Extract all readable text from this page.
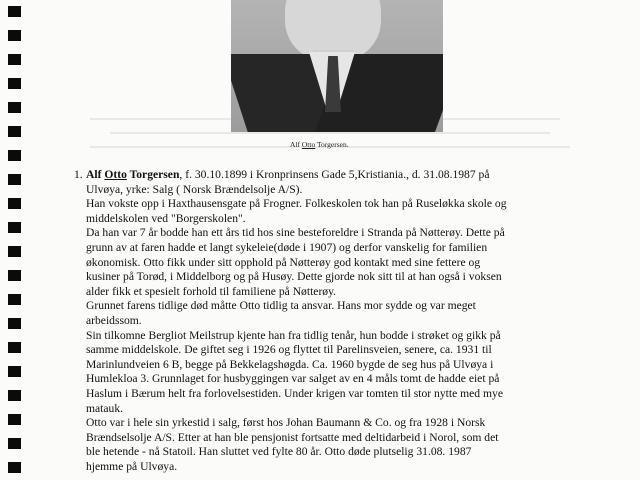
Alf Otto Torgersen.
1. Alf Otto Torgersen, f. 30.10.1899 i Kronprinsens Gade 5,Kristiania., d. 31.08.1987 på

Ulvøya, yrke: Salg ( Norsk Brændelsolje A/S).

Han vokste opp i Haxthausensgate på Frogner. Folkeskolen tok han på Ruseløkka skole og

middelskolen ved "Borgerskolen".

Da han var 7 år bodde han ett års tid hos sine besteforeldre i Stranda på Nøtterøy. Dette på

grunn av at faren hadde et langt sykeleie(døde i 1907) og derfor vanskelig for familien

økonomisk. Otto fikk under sitt opphold på Nøtterøy god kontakt med sine fettere og

kusiner på Torød, i Middelborg og på Husøy. Dette gjorde nok sitt til at han også i voksen

alder fikk et spesielt forhold til familiene på Nøtterøy.

Grunnet farens tidlige død måtte Otto tidlig ta ansvar. Hans mor sydde og var meget

arbeidssom.

Sin tilkomne Bergliot Meilstrup kjente han fra tidlig tenår, hun bodde i strøket og gikk på

samme middelskole. De giftet seg i 1926 og flyttet til Parelinsveien, senere, ca. 1931 til

Marinlundveien 6 B, begge på Bekkelagshøgda. Ca. 1960 bygde de seg hus på Ulvøya i

Humlekloa 3. Grunnlaget for husbyggingen var salget av en 4 måls tomt de hadde eiet på

Haslum i Bærum helt fra forlovelsestiden. Under krigen var tomten til stor nytte med mye

matauk.

Otto var i hele sin yrkestid i salg, først hos Johan Baumann & Co. og fra 1928 i Norsk

Brændselsolje A/S. Etter at han ble pensjonist fortsatte med deltidarbeid i Norol, som det

ble hetende - nå Statoil. Han sluttet ved fylte 80 år. Otto døde plutselig 31.08. 1987

hjemme på Ulvøya.
